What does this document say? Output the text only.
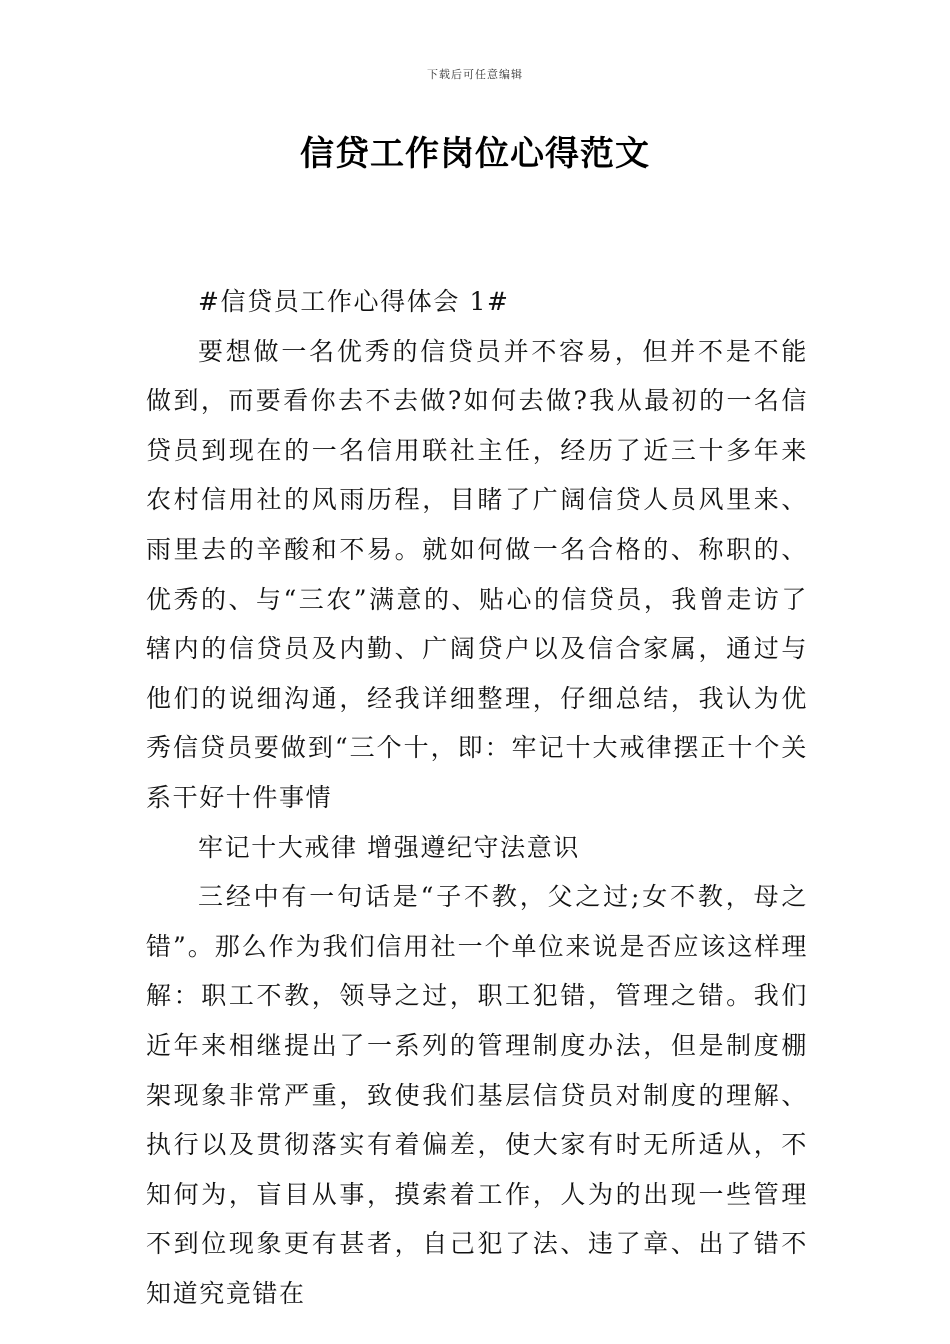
下载后可任意编辑
信贷工作岗位心得范文

#信贷员工作心得体会 1#

要想做一名优秀的信贷员并不容易，但并不是不能做到，而要看你去不去做?如何去做?我从最初的一名信贷员到现在的一名信用联社主任，经历了近三十多年来农村信用社的风雨历程，目睹了广阔信贷人员风里来、雨里去的辛酸和不易。就如何做一名合格的、称职的、优秀的、与“三农”满意的、贴心的信贷员，我曾走访了辖内的信贷员及内勤、广阔贷户以及信合家属，通过与他们的说细沟通，经我详细整理，仔细总结，我认为优秀信贷员要做到“三个十，即：牢记十大戒律摆正十个关系干好十件事情

牢记十大戒律 增强遵纪守法意识

三经中有一句话是“子不教，父之过;女不教，母之错”。那么作为我们信用社一个单位来说是否应该这样理解：职工不教，领导之过，职工犯错，管理之错。我们近年来相继提出了一系列的管理制度办法，但是制度棚架现象非常严重，致使我们基层信贷员对制度的理解、执行以及贯彻落实有着偏差，使大家有时无所适从，不知何为，盲目从事，摸索着工作，人为的出现一些管理不到位现象更有甚者，自己犯了法、违了章、出了错不知道究竟错在
